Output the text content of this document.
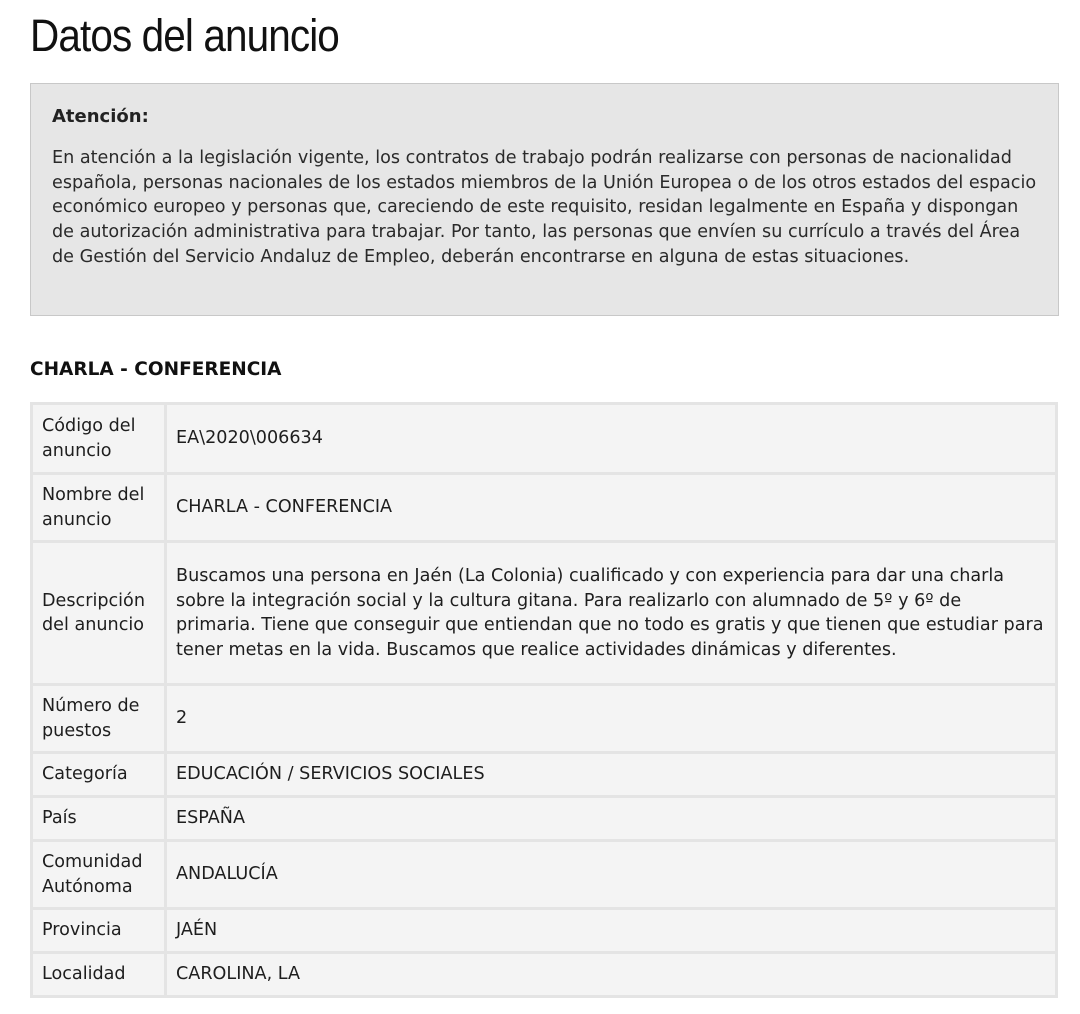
Datos del anuncio

Atención:

En atención a la legislación vigente, los contratos de trabajo podrán realizarse con personas de nacionalidad española, personas nacionales de los estados miembros de la Unión Europea o de los otros estados del espacio económico europeo y personas que, careciendo de este requisito, residan legalmente en España y dispongan de autorización administrativa para trabajar. Por tanto, las personas que envíen su currículo a través del Área de Gestión del Servicio Andaluz de Empleo, deberán encontrarse en alguna de estas situaciones.

CHARLA - CONFERENCIA
Código del anuncio	EA\2020\006634
Nombre del anuncio	CHARLA - CONFERENCIA
Descripción del anuncio	Buscamos una persona en Jaén (La Colonia) cualificado y con experiencia para dar una charla sobre la integración social y la cultura gitana. Para realizarlo con alumnado de 5º y 6º de primaria. Tiene que conseguir que entiendan que no todo es gratis y que tienen que estudiar para tener metas en la vida. Buscamos que realice actividades dinámicas y diferentes.
Número de puestos	2
Categoría	EDUCACIÓN / SERVICIOS SOCIALES
País	ESPAÑA
Comunidad Autónoma	ANDALUCÍA
Provincia	JAÉN
Localidad	CAROLINA, LA
